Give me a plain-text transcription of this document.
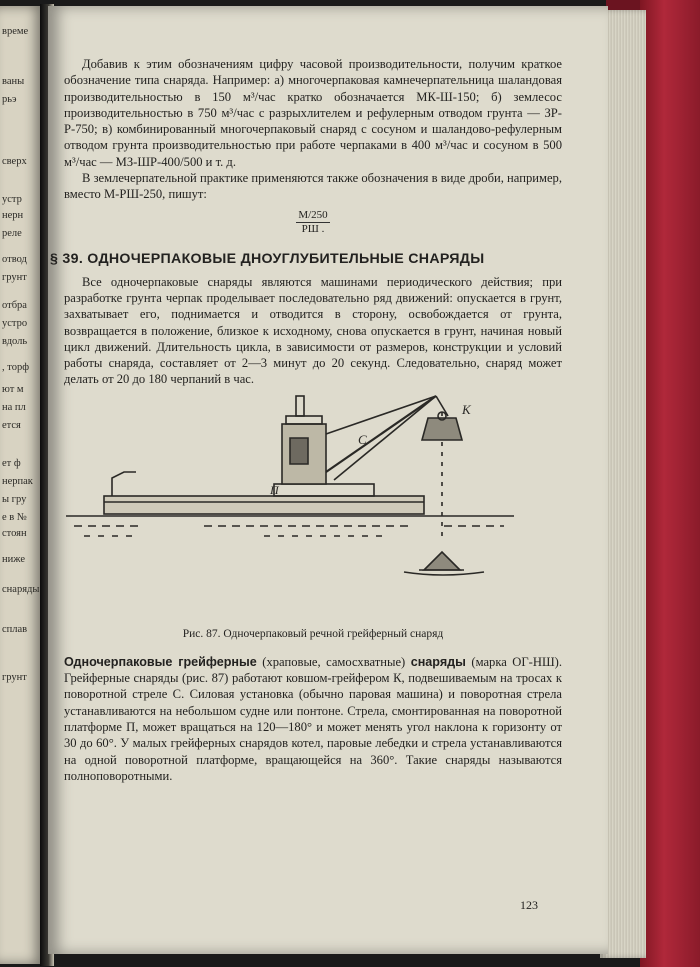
време
ваны
рьэ
сверх
устр
нерн
реле
отвод
грунт
отбра
устро
вдоль
, торф
ют м
на пл
ется
ет ф
нерпак
ы гру
е в №
стоян
ниже
снаряды
сплав
грунт

Добавив к этим обозначениям цифру часовой производительности, получим краткое обозначение типа снаряда. Например: а) многочерпаковая камнечерпательница шаландовая производительностью в 150 м³/час кратко обозначается МК-Ш-150; б) землесос производительностью в 750 м³/час с разрыхлителем и рефулерным отводом грунта — ЗР-Р-750; в) комбинированный многочерпаковый снаряд с сосуном и шаландово-рефулерным отводом грунта производительностью при работе черпаками в 400 м³/час и сосуном в 500 м³/час — МЗ-ШР-400/500 и т. д.

В землечерпательной практике применяются также обозначения в виде дроби, например, вместо М-РШ-250, пишут:

М/250
РШ .
§ 39. ОДНОЧЕРПАКОВЫЕ ДНОУГЛУБИТЕЛЬНЫЕ СНАРЯДЫ

Все одночерпаковые снаряды являются машинами периодического действия; при разработке грунта черпак проделывает последовательно ряд движений: опускается в грунт, захватывает его, поднимается и отводится в сторону, освобождается от грунта, возвращается в положение, близкое к исходному, снова опускается в грунт, начиная новый цикл движений. Длительность цикла, в зависимости от размеров, конструкции и условий работы снаряда, составляет от 2—3 минут до 20 секунд. Следовательно, снаряд может делать от 20 до 180 черпаний в час.

К
С
П
Рис. 87. Одночерпаковый речной грейферный снаряд

Одночерпаковые грейферные (храповые, самосхватные) снаряды (марка ОГ-НШ). Грейферные снаряды (рис. 87) работают ковшом-грейфером К, подвешиваемым на тросах к поворотной стреле С. Силовая установка (обычно паровая машина) и поворотная стрела устанавливаются на небольшом судне или понтоне. Стрела, смонтированная на поворотной платформе П, может вращаться на 120—180° и может менять угол наклона к горизонту от 30 до 60°. У малых грейферных снарядов котел, паровые лебедки и стрела устанавливаются на одной поворотной платформе, вращающейся на 360°. Такие снаряды называются полноповоротными.

123
